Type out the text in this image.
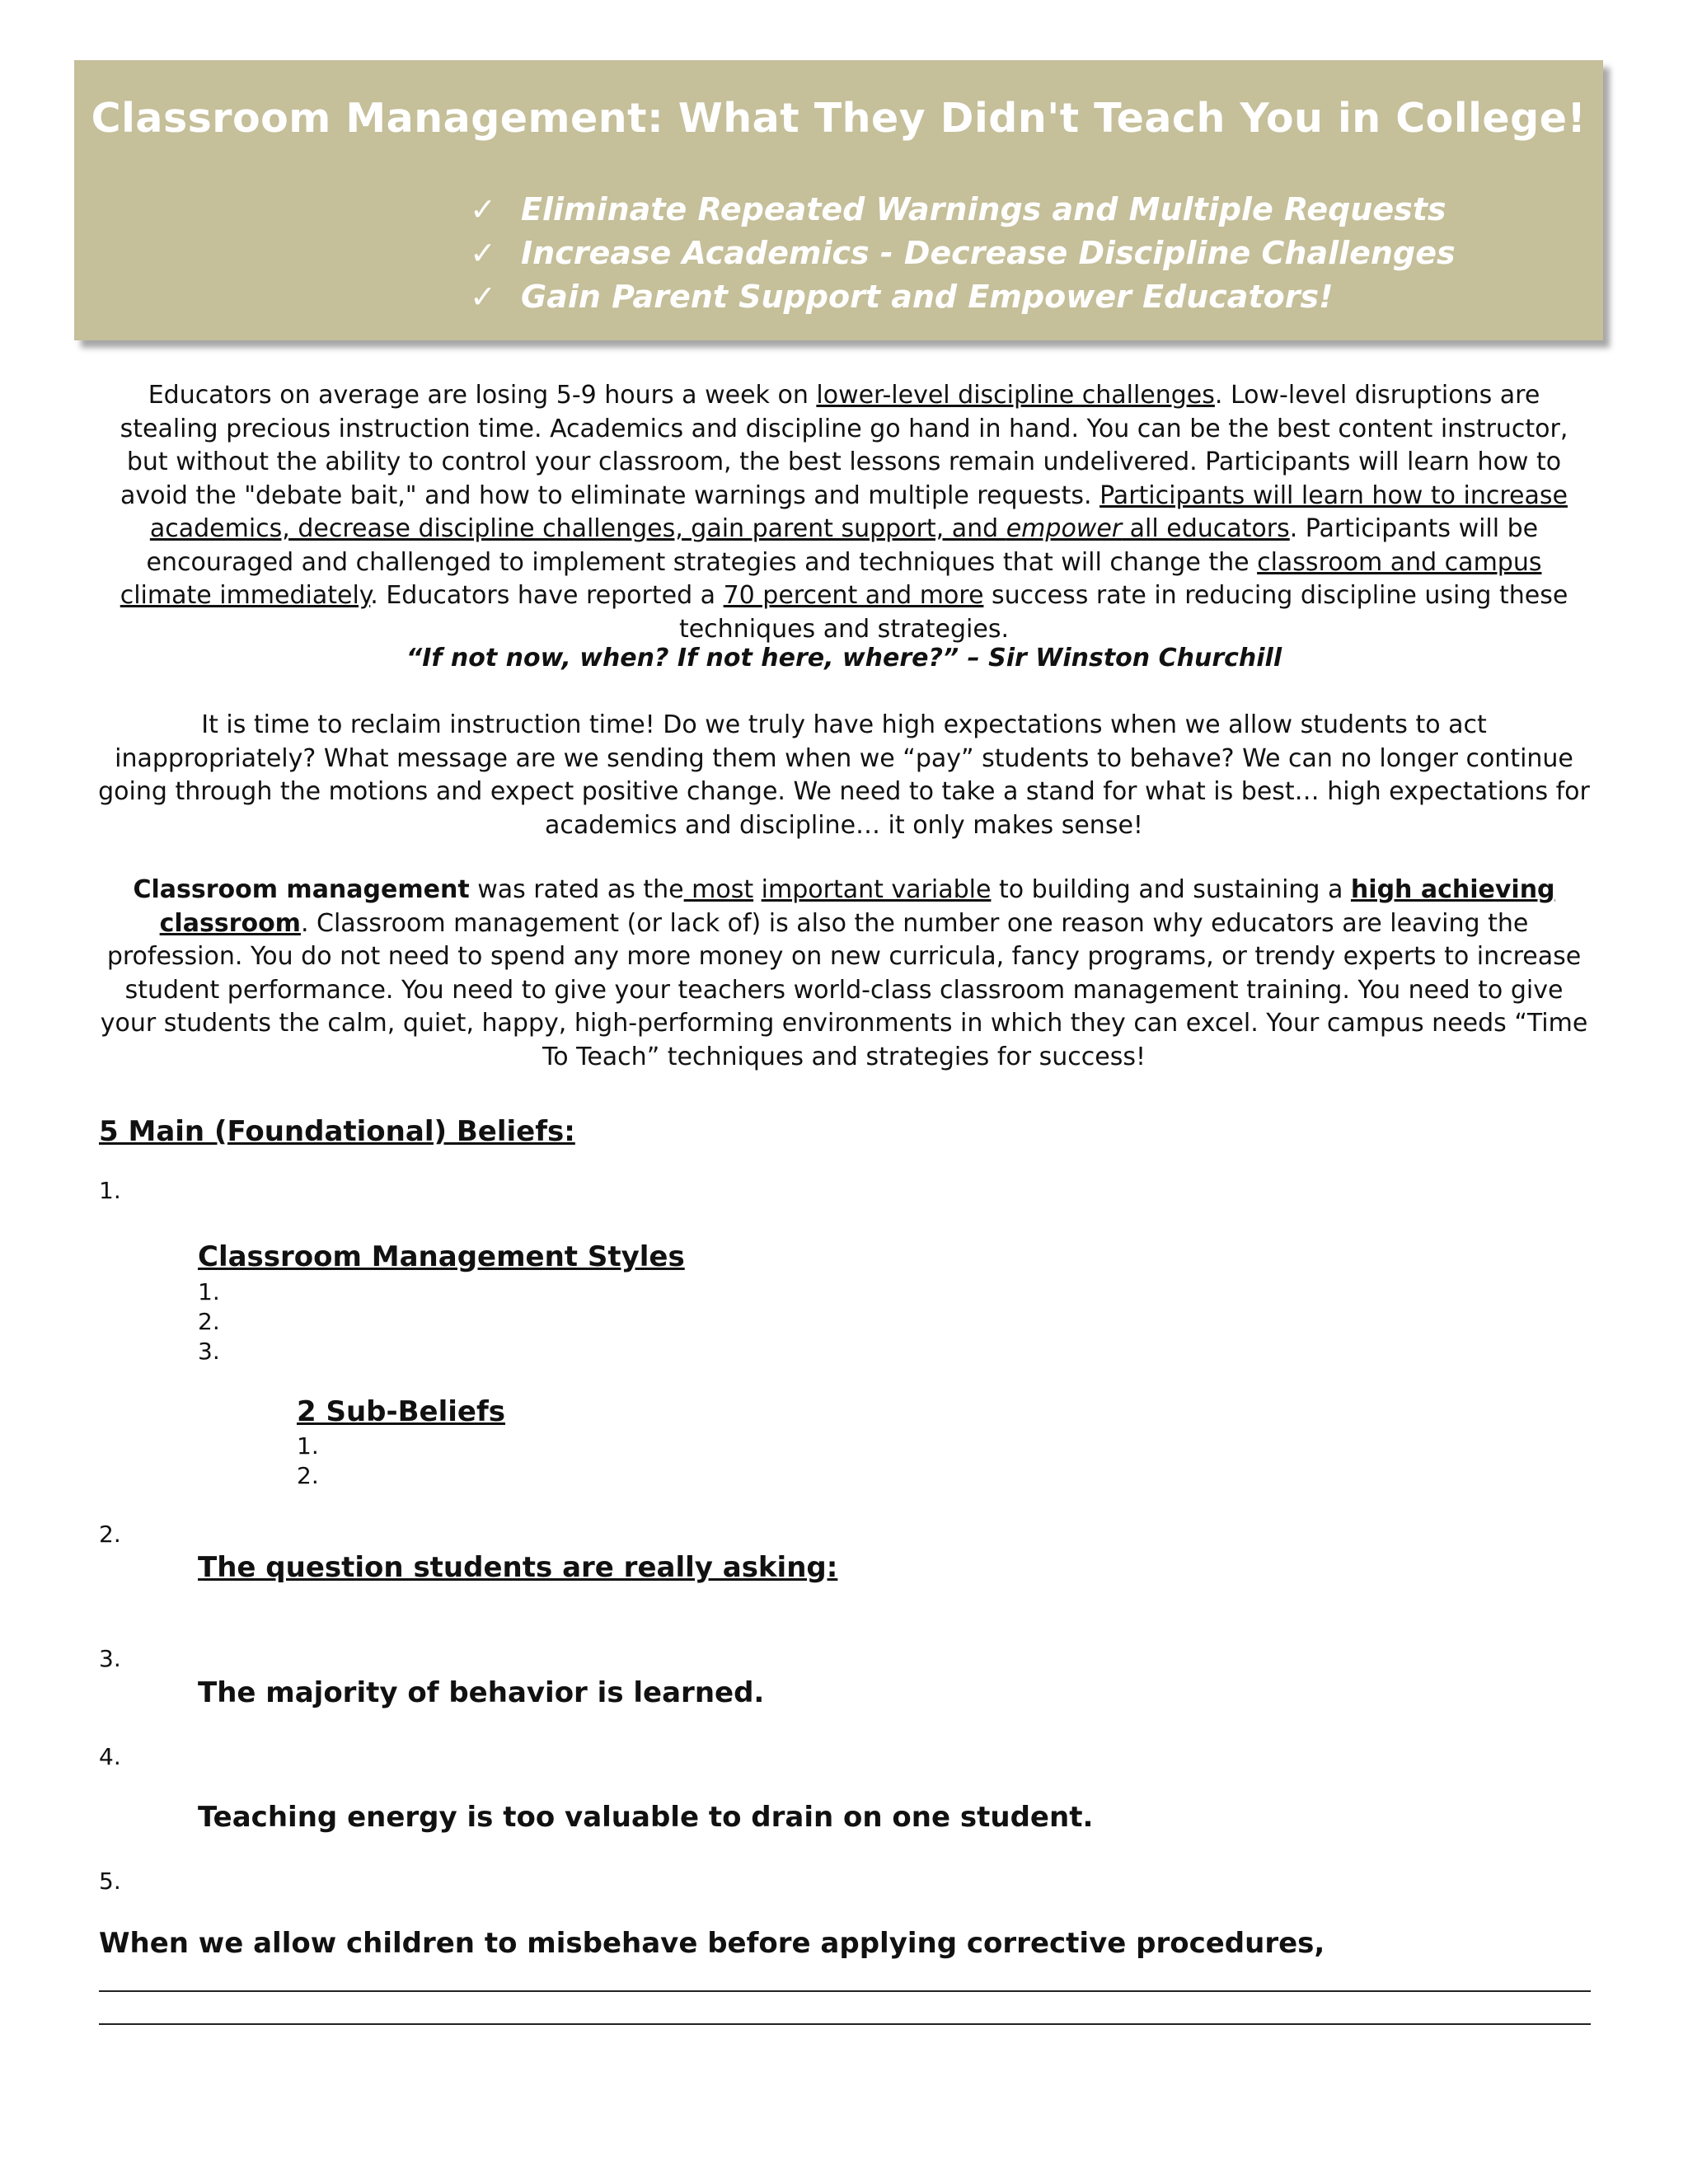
Classroom Management: What They Didn't Teach You in College!
✓ Eliminate Repeated Warnings and Multiple Requests
✓ Increase Academics - Decrease Discipline Challenges
✓ Gain Parent Support and Empower Educators!

Educators on average are losing 5-9 hours a week on lower-level discipline challenges. Low-level disruptions are stealing precious instruction time. Academics and discipline go hand in hand. You can be the best content instructor, but without the ability to control your classroom, the best lessons remain undelivered. Participants will learn how to avoid the "debate bait," and how to eliminate warnings and multiple requests. Participants will learn how to increase academics, decrease discipline challenges, gain parent support, and empower all educators. Participants will be encouraged and challenged to implement strategies and techniques that will change the classroom and campus climate immediately. Educators have reported a 70 percent and more success rate in reducing discipline using these techniques and strategies.

“If not now, when? If not here, where?” – Sir Winston Churchill

It is time to reclaim instruction time! Do we truly have high expectations when we allow students to act inappropriately? What message are we sending them when we “pay” students to behave? We can no longer continue going through the motions and expect positive change. We need to take a stand for what is best… high expectations for academics and discipline… it only makes sense!

Classroom management was rated as the most important variable to building and sustaining a high achieving classroom. Classroom management (or lack of) is also the number one reason why educators are leaving the profession. You do not need to spend any more money on new curricula, fancy programs, or trendy experts to increase student performance. You need to give your teachers world-class classroom management training. You need to give your students the calm, quiet, happy, high-performing environments in which they can excel. Your campus needs “Time To Teach” techniques and strategies for success!

5 Main (Foundational) Beliefs:
1.
Classroom Management Styles
1.
2.
3.
2 Sub-Beliefs
1.
2.
2.
The question students are really asking:
3.

The majority of behavior is learned.

4.

Teaching energy is too valuable to drain on one student.

5.

When we allow children to misbehave before applying corrective procedures,
